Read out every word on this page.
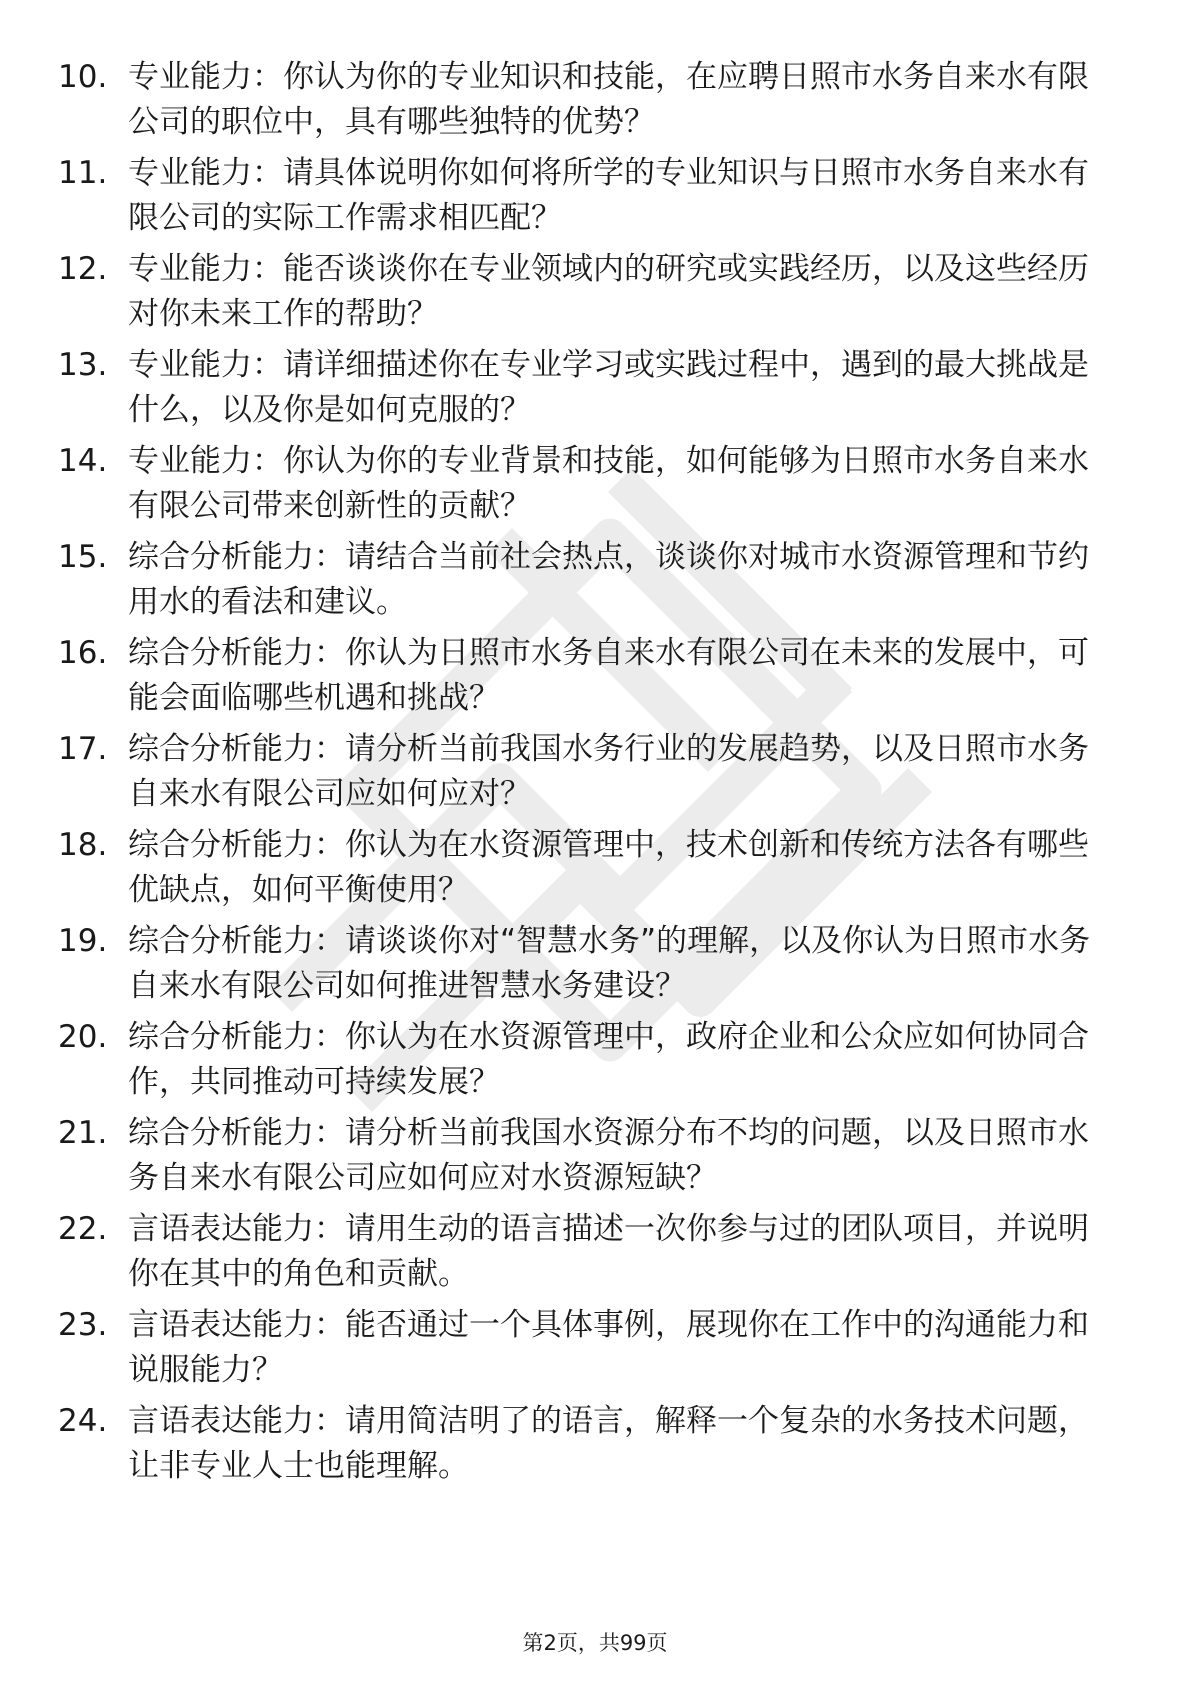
10. 专业能力：你认为你的专业知识和技能，在应聘日照市水务自来水有限公司的职位中，具有哪些独特的优势？

11. 专业能力：请具体说明你如何将所学的专业知识与日照市水务自来水有限公司的实际工作需求相匹配？

12. 专业能力：能否谈谈你在专业领域内的研究或实践经历，以及这些经历对你未来工作的帮助？

13. 专业能力：请详细描述你在专业学习或实践过程中，遇到的最大挑战是什么，以及你是如何克服的？

14. 专业能力：你认为你的专业背景和技能，如何能够为日照市水务自来水有限公司带来创新性的贡献？

15. 综合分析能力：请结合当前社会热点，谈谈你对城市水资源管理和节约用水的看法和建议。

16. 综合分析能力：你认为日照市水务自来水有限公司在未来的发展中，可能会面临哪些机遇和挑战？

17. 综合分析能力：请分析当前我国水务行业的发展趋势，以及日照市水务自来水有限公司应如何应对？

18. 综合分析能力：你认为在水资源管理中，技术创新和传统方法各有哪些优缺点，如何平衡使用？

19. 综合分析能力：请谈谈你对“智慧水务”的理解，以及你认为日照市水务自来水有限公司如何推进智慧水务建设？

20. 综合分析能力：你认为在水资源管理中，政府企业和公众应如何协同合作，共同推动可持续发展？

21. 综合分析能力：请分析当前我国水资源分布不均的问题，以及日照市水务自来水有限公司应如何应对水资源短缺？

22. 言语表达能力：请用生动的语言描述一次你参与过的团队项目，并说明你在其中的角色和贡献。

23. 言语表达能力：能否通过一个具体事例，展现你在工作中的沟通能力和说服能力？

24. 言语表达能力：请用简洁明了的语言，解释一个复杂的水务技术问题，让非专业人士也能理解。

第2页，共99页
